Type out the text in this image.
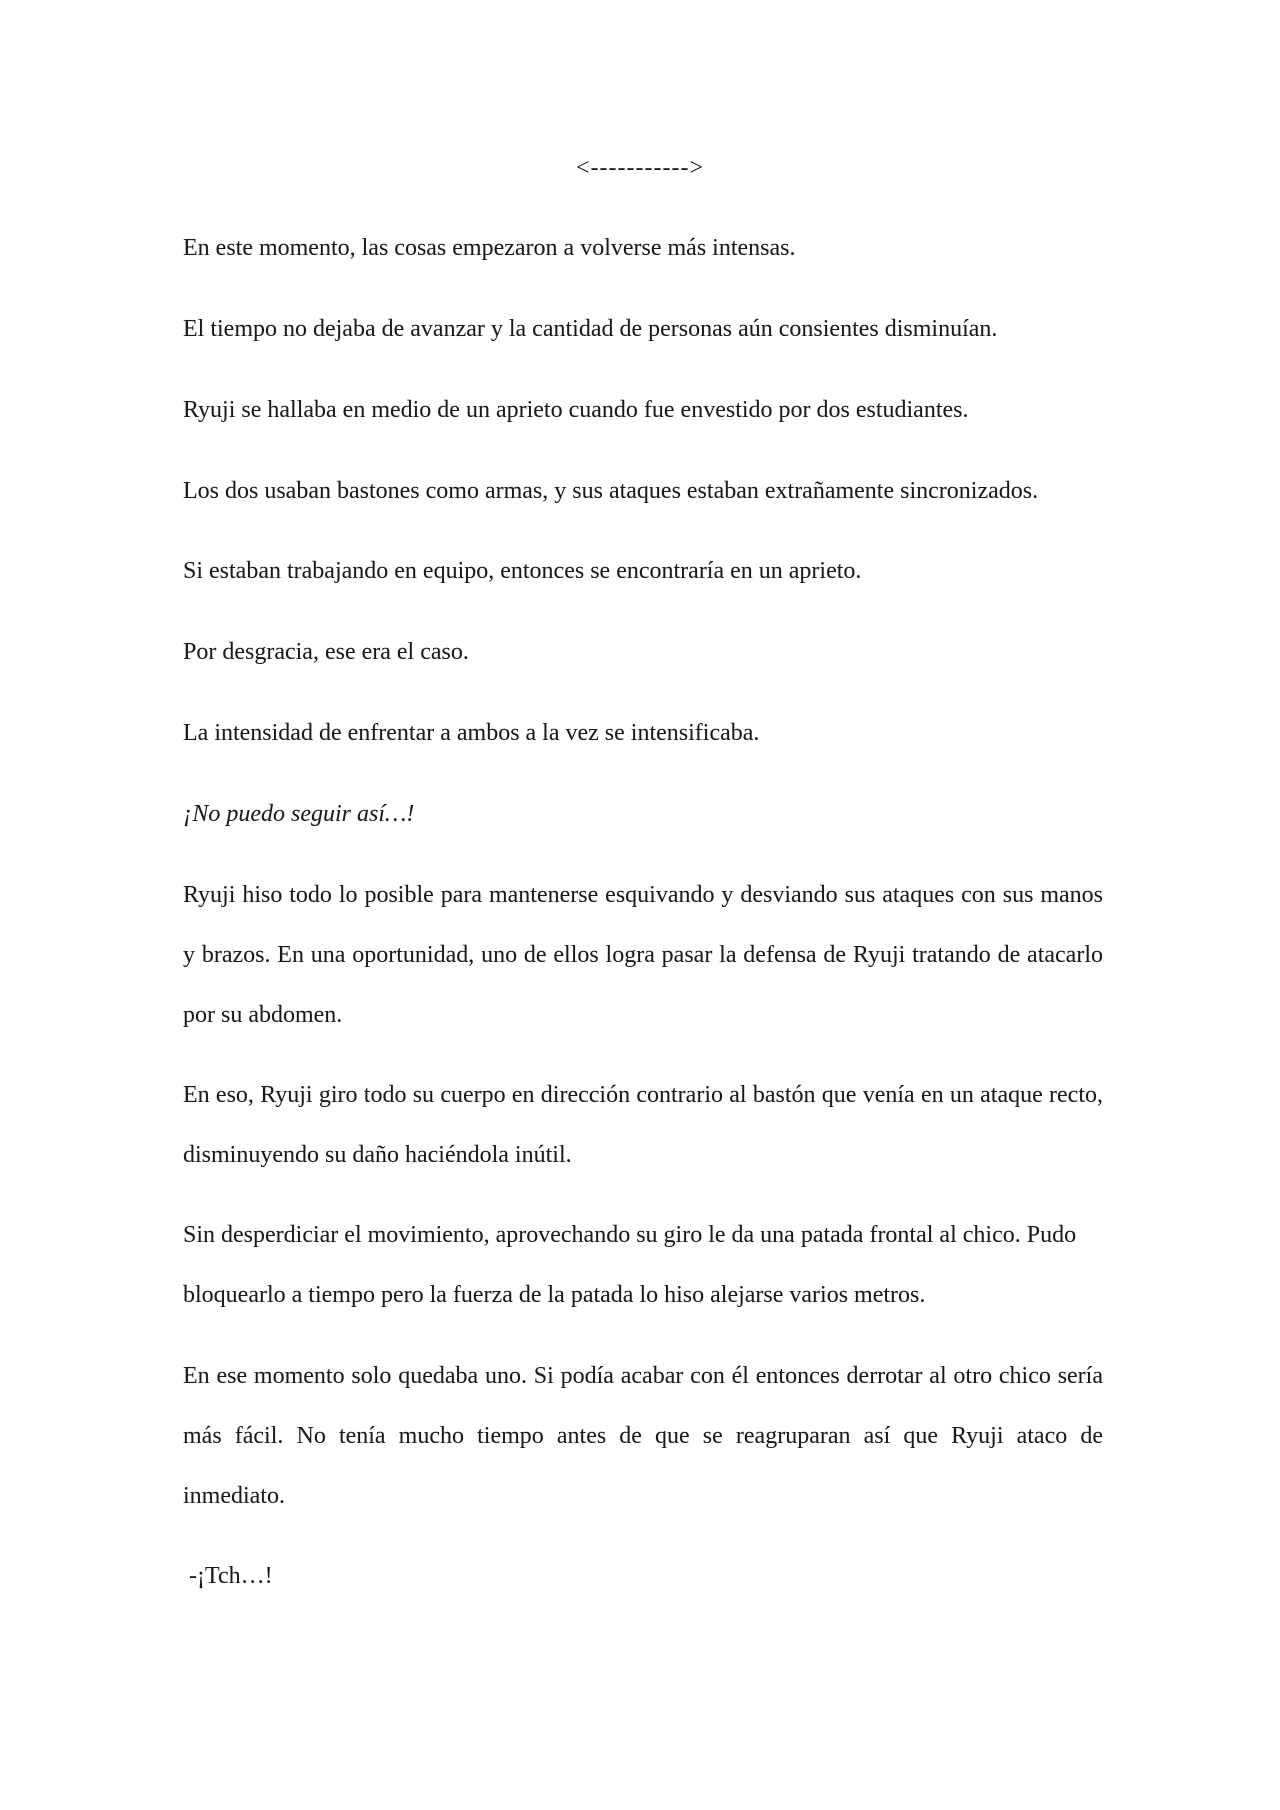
<----------->

En este momento, las cosas empezaron a volverse más intensas.

El tiempo no dejaba de avanzar y la cantidad de personas aún consientes disminuían.

Ryuji se hallaba en medio de un aprieto cuando fue envestido por dos estudiantes.

Los dos usaban bastones como armas, y sus ataques estaban extrañamente sincronizados.

Si estaban trabajando en equipo, entonces se encontraría en un aprieto.

Por desgracia, ese era el caso.

La intensidad de enfrentar a ambos a la vez se intensificaba.

¡No puedo seguir así…!

Ryuji hiso todo lo posible para mantenerse esquivando y desviando sus ataques con sus manos y brazos. En una oportunidad, uno de ellos logra pasar la defensa de Ryuji tratando de atacarlo por su abdomen.

En eso, Ryuji giro todo su cuerpo en dirección contrario al bastón que venía en un ataque recto, disminuyendo su daño haciéndola inútil.

Sin desperdiciar el movimiento, aprovechando su giro le da una patada frontal al chico. Pudo bloquearlo a tiempo pero la fuerza de la patada lo hiso alejarse varios metros.

En ese momento solo quedaba uno. Si podía acabar con él entonces derrotar al otro chico sería más fácil. No tenía mucho tiempo antes de que se reagruparan así que Ryuji ataco de inmediato.

-¡Tch…!
